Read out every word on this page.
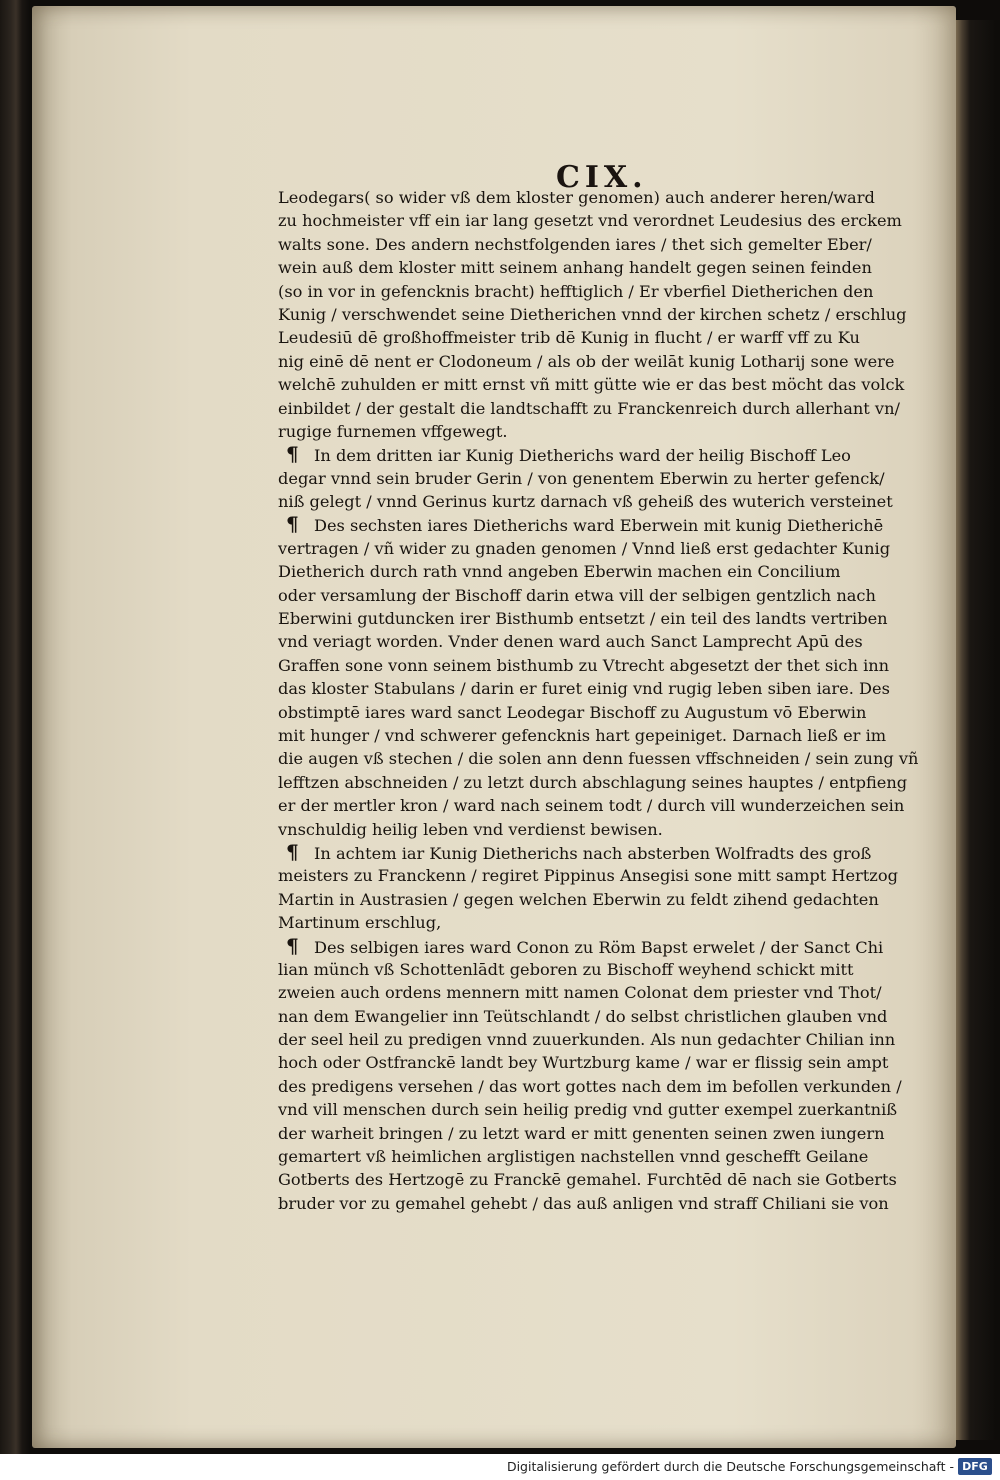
CIX.
Leodegars( so wider vß dem kloster genomen) auch anderer heren/ward
zu hochmeister vff ein iar lang gesetzt vnd verordnet Leudesius des erckem
walts sone. Des andern nechstfolgenden iares / thet sich gemelter Eber/
wein auß dem kloster mitt seinem anhang handelt gegen seinen feinden
(so in vor in gefencknis bracht) hefftiglich / Er vberfiel Dietherichen den
Kunig / verschwendet seine Dietherichen vnnd der kirchen schetz / erschlug
Leudesiū dē großhoffmeister trib dē Kunig in flucht / er warff vff zu Ku
nig einē dē nent er Clodoneum / als ob der weilāt kunig Lotharij sone were
welchē zuhulden er mitt ernst vñ mitt gütte wie er das best möcht das volck
einbildet / der gestalt die landtschafft zu Franckenreich durch allerhant vn/
rugige furnemen vffgewegt.
¶ In dem dritten iar Kunig Dietherichs ward der heilig Bischoff Leo
degar vnnd sein bruder Gerin / von genentem Eberwin zu herter gefenck/
niß gelegt / vnnd Gerinus kurtz darnach vß geheiß des wuterich versteinet
¶ Des sechsten iares Dietherichs ward Eberwein mit kunig Dietherichē
vertragen / vñ wider zu gnaden genomen / Vnnd ließ erst gedachter Kunig
Dietherich durch rath vnnd angeben Eberwin machen ein Concilium
oder versamlung der Bischoff darin etwa vill der selbigen gentzlich nach
Eberwini gutduncken irer Bisthumb entsetzt / ein teil des landts vertriben
vnd veriagt worden. Vnder denen ward auch Sanct Lamprecht Apū des
Graffen sone vonn seinem bisthumb zu Vtrecht abgesetzt der thet sich inn
das kloster Stabulans / darin er furet einig vnd rugig leben siben iare. Des
obstimptē iares ward sanct Leodegar Bischoff zu Augustum vō Eberwin
mit hunger / vnd schwerer gefencknis hart gepeiniget. Darnach ließ er im
die augen vß stechen / die solen ann denn fuessen vffschneiden / sein zung vñ
lefftzen abschneiden / zu letzt durch abschlagung seines hauptes / entpfieng
er der mertler kron / ward nach seinem todt / durch vill wunderzeichen sein
vnschuldig heilig leben vnd verdienst bewisen.
¶ In achtem iar Kunig Dietherichs nach absterben Wolfradts des groß
meisters zu Franckenn / regiret Pippinus Ansegisi sone mitt sampt Hertzog
Martin in Austrasien / gegen welchen Eberwin zu feldt zihend gedachten
Martinum erschlug,
¶ Des selbigen iares ward Conon zu Röm Bapst erwelet / der Sanct Chi
lian münch vß Schottenlādt geboren zu Bischoff weyhend schickt mitt
zweien auch ordens mennern mitt namen Colonat dem priester vnd Thot/
nan dem Ewangelier inn Teütschlandt / do selbst christlichen glauben vnd
der seel heil zu predigen vnnd zuuerkunden. Als nun gedachter Chilian inn
hoch oder Ostfranckē landt bey Wurtzburg kame / war er flissig sein ampt
des predigens versehen / das wort gottes nach dem im befollen verkunden /
vnd vill menschen durch sein heilig predig vnd gutter exempel zuerkantniß
der warheit bringen / zu letzt ward er mitt genenten seinen zwen iungern
gemartert vß heimlichen arglistigen nachstellen vnnd geschefft Geilane
Gotberts des Hertzogē zu Franckē gemahel. Furchtēd dē nach sie Gotberts
bruder vor zu gemahel gehebt / das auß anligen vnd straff Chiliani sie von
Digitalisierung gefördert durch die Deutsche Forschungsgemeinschaft - DFG
